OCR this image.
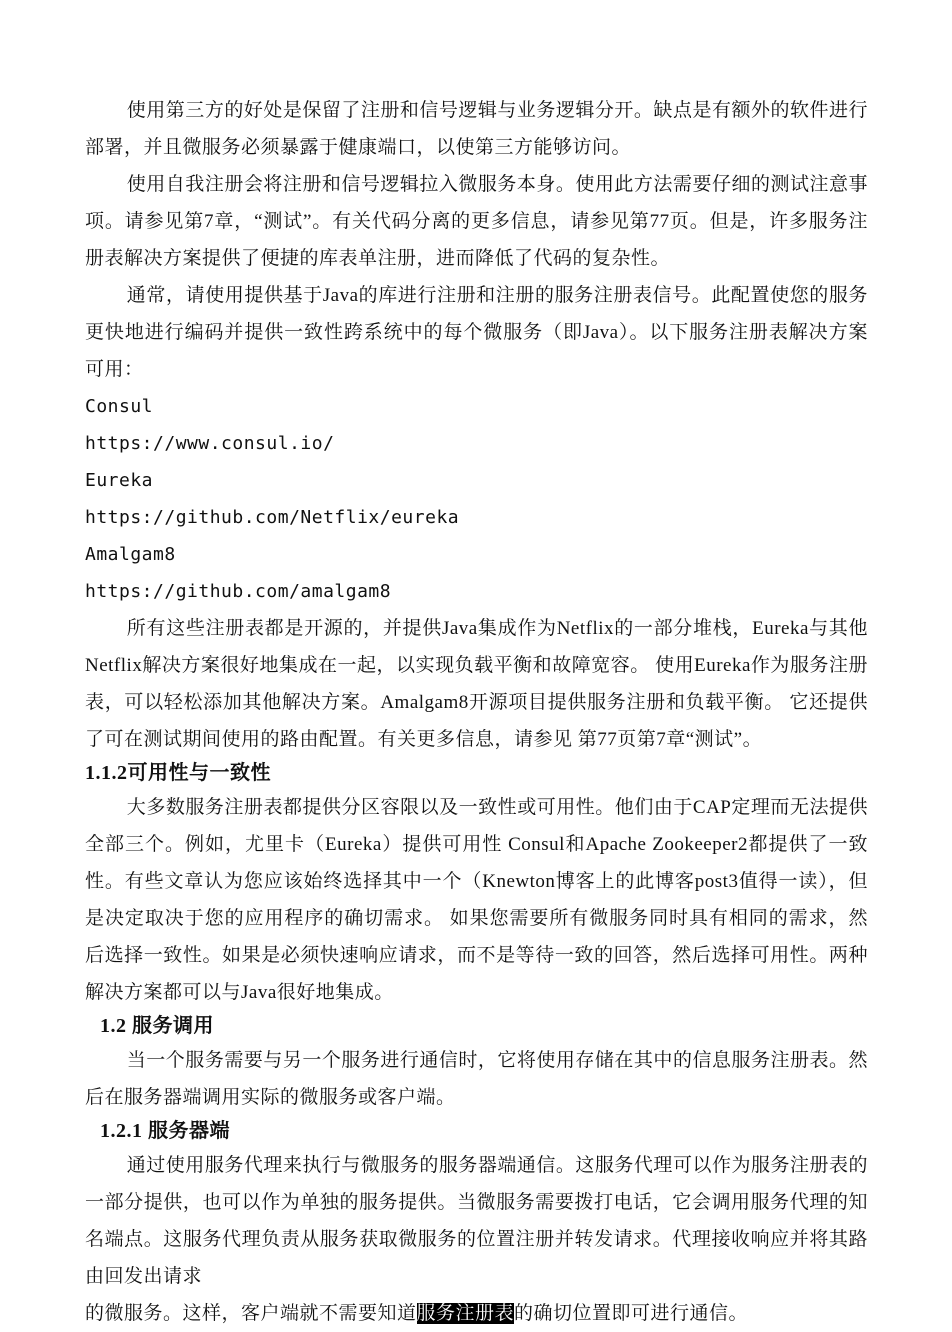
使用第三方的好处是保留了注册和信号逻辑与业务逻辑分开。缺点是有额外的软件进行部署，并且微服务必须暴露于健康端口，以使第三方能够访问。

使用自我注册会将注册和信号逻辑拉入微服务本身。使用此方法需要仔细的测试注意事项。请参见第7章，“测试”。有关代码分离的更多信息，请参见第77页。但是，许多服务注册表解决方案提供了便捷的库表单注册，进而降低了代码的复杂性。

通常，请使用提供基于Java的库进行注册和注册的服务注册表信号。此配置使您的服务更快地进行编码并提供一致性跨系统中的每个微服务（即Java）。以下服务注册表解决方案可用：

Consul

https://www.consul.io/

Eureka

https://github.com/Netflix/eureka

Amalgam8

https://github.com/amalgam8

所有这些注册表都是开源的，并提供Java集成作为Netflix的一部分堆栈，Eureka与其他Netflix解决方案很好地集成在一起，以实现负载平衡和故障宽容。 使用Eureka作为服务注册表，可以轻松添加其他解决方案。Amalgam8开源项目提供服务注册和负载平衡。 它还提供了可在测试期间使用的路由配置。有关更多信息，请参见 第77页第7章“测试”。

1.1.2可用性与一致性

大多数服务注册表都提供分区容限以及一致性或可用性。他们由于CAP定理而无法提供全部三个。例如，尤里卡（Eureka）提供可用性 Consul和Apache Zookeeper2都提供了一致性。有些文章认为您应该始终选择其中一个（Knewton博客上的此博客post3值得一读），但是决定取决于您的应用程序的确切需求。 如果您需要所有微服务同时具有相同的需求，然后选择一致性。如果是必须快速响应请求，而不是等待一致的回答，然后选择可用性。两种解决方案都可以与Java很好地集成。

1.2 服务调用

当一个服务需要与另一个服务进行通信时，它将使用存储在其中的信息服务注册表。然后在服务器端调用实际的微服务或客户端。

1.2.1 服务器端

通过使用服务代理来执行与微服务的服务器端通信。这服务代理可以作为服务注册表的一部分提供，也可以作为单独的服务提供。当微服务需要拨打电话，它会调用服务代理的知名端点。这服务代理负责从服务获取微服务的位置注册并转发请求。代理接收响应并将其路由回发出请求

的微服务。这样，客户端就不需要知道服务注册表的确切位置即可进行通信。
